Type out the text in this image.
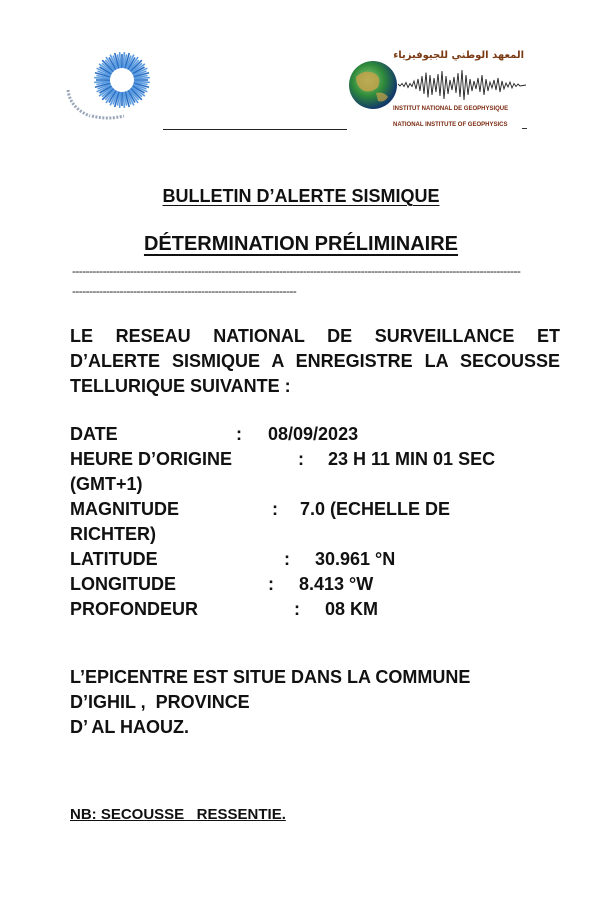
المعهد الوطني للجيوفيزياء
INSTITUT NATIONAL DE GEOPHYSIQUE
NATIONAL INSTITUTE OF GEOPHYSICS
BULLETIN D’ALERTE SISMIQUE
DÉTERMINATION PRÉLIMINAIRE
------------------------------------------------------------------------------------------------------------------------------------
------------------------------------------------------------------
LE RESEAU NATIONAL DE SURVEILLANCE ET D’ALERTE SISMIQUE A ENREGISTRE LA SECOUSSE TELLURIQUE SUIVANTE :
DATE	: 08/09/2023
HEURE D’ORIGINE	: 23 H 11 MIN 01 SEC
(GMT+1)
MAGNITUDE	: 7.0 (ECHELLE DE
RICHTER)
LATITUDE	: 30.961 °N
LONGITUDE	: 8.413 °W
PROFONDEUR	: 08 KM
L’EPICENTRE EST SITUE DANS LA COMMUNE
D’IGHIL ,  PROVINCE
D’ AL HAOUZ.
NB: SECOUSSE   RESSENTIE.
